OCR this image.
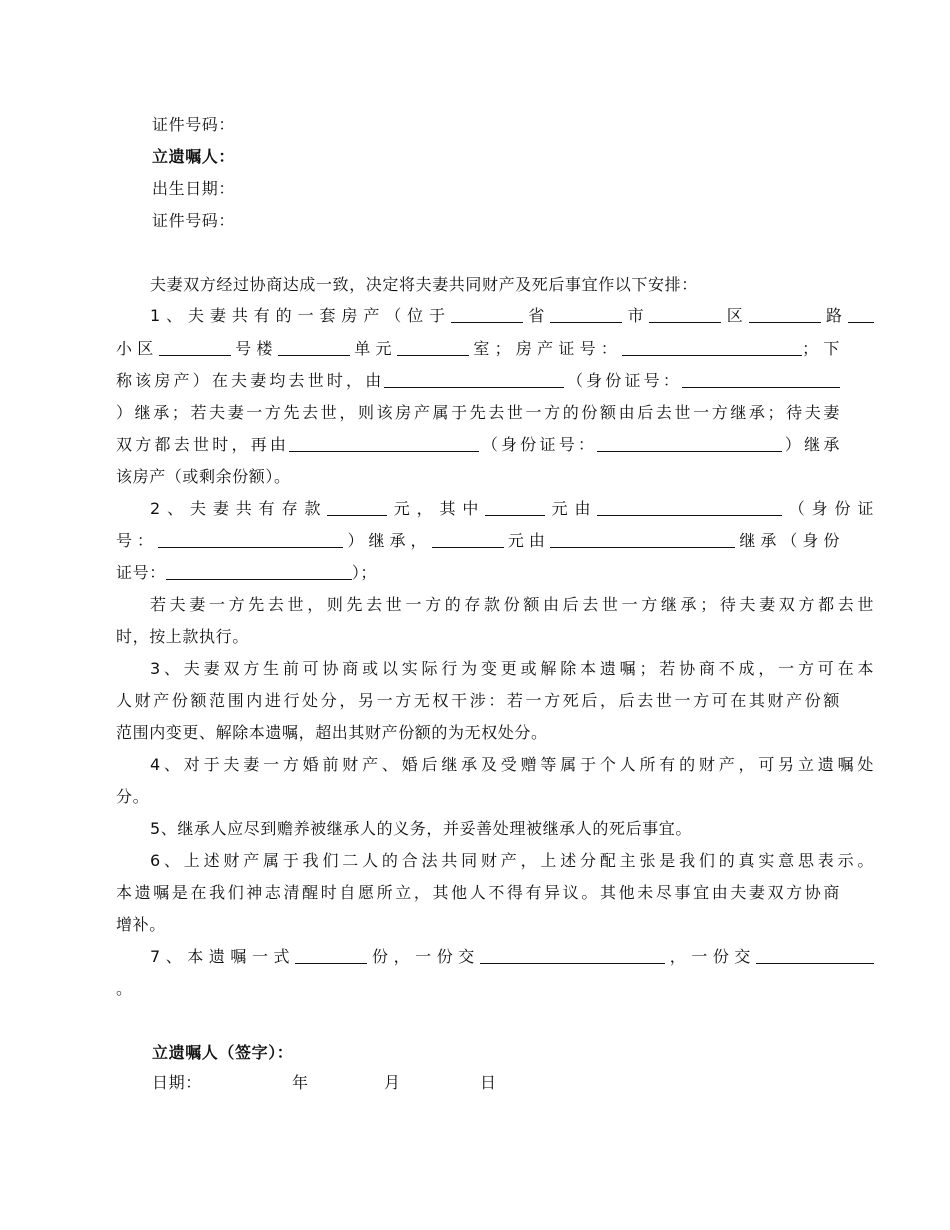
证件号码：
立遗嘱人：
出生日期：
证件号码：
夫妻双方经过协商达成一致，决定将夫妻共同财产及死后事宜作以下安排：
1、夫妻共有的一套房产（位于	省	市	区	路
小区	号楼	单元	室；房产证号：	；下
称该房产）在夫妻均去世时，由	（身份证号：
）继承；若夫妻一方先去世，则该房产属于先去世一方的份额由后去世一方继承；待夫妻
双方都去世时，再由	（身份证号：	）继承
该房产（或剩余份额）。
2、夫妻共有存款	元，其中	元由	（身份证
号：	）继承，	元由	继承（身份
证号：	）；
若夫妻一方先去世，则先去世一方的存款份额由后去世一方继承；待夫妻双方都去世
时，按上款执行。
3、夫妻双方生前可协商或以实际行为变更或解除本遗嘱；若协商不成，一方可在本
人财产份额范围内进行处分，另一方无权干涉：若一方死后，后去世一方可在其财产份额
范围内变更、解除本遗嘱，超出其财产份额的为无权处分。
4、对于夫妻一方婚前财产、婚后继承及受赠等属于个人所有的财产，可另立遗嘱处
分。
5、继承人应尽到赡养被继承人的义务，并妥善处理被继承人的死后事宜。
6、上述财产属于我们二人的合法共同财产，上述分配主张是我们的真实意思表示。
本遗嘱是在我们神志清醒时自愿所立，其他人不得有异议。其他未尽事宜由夫妻双方协商
增补。
7、本遗嘱一式	份，一份交	，一份交
。
立遗嘱人（签字）：
日期：	年	月	日
